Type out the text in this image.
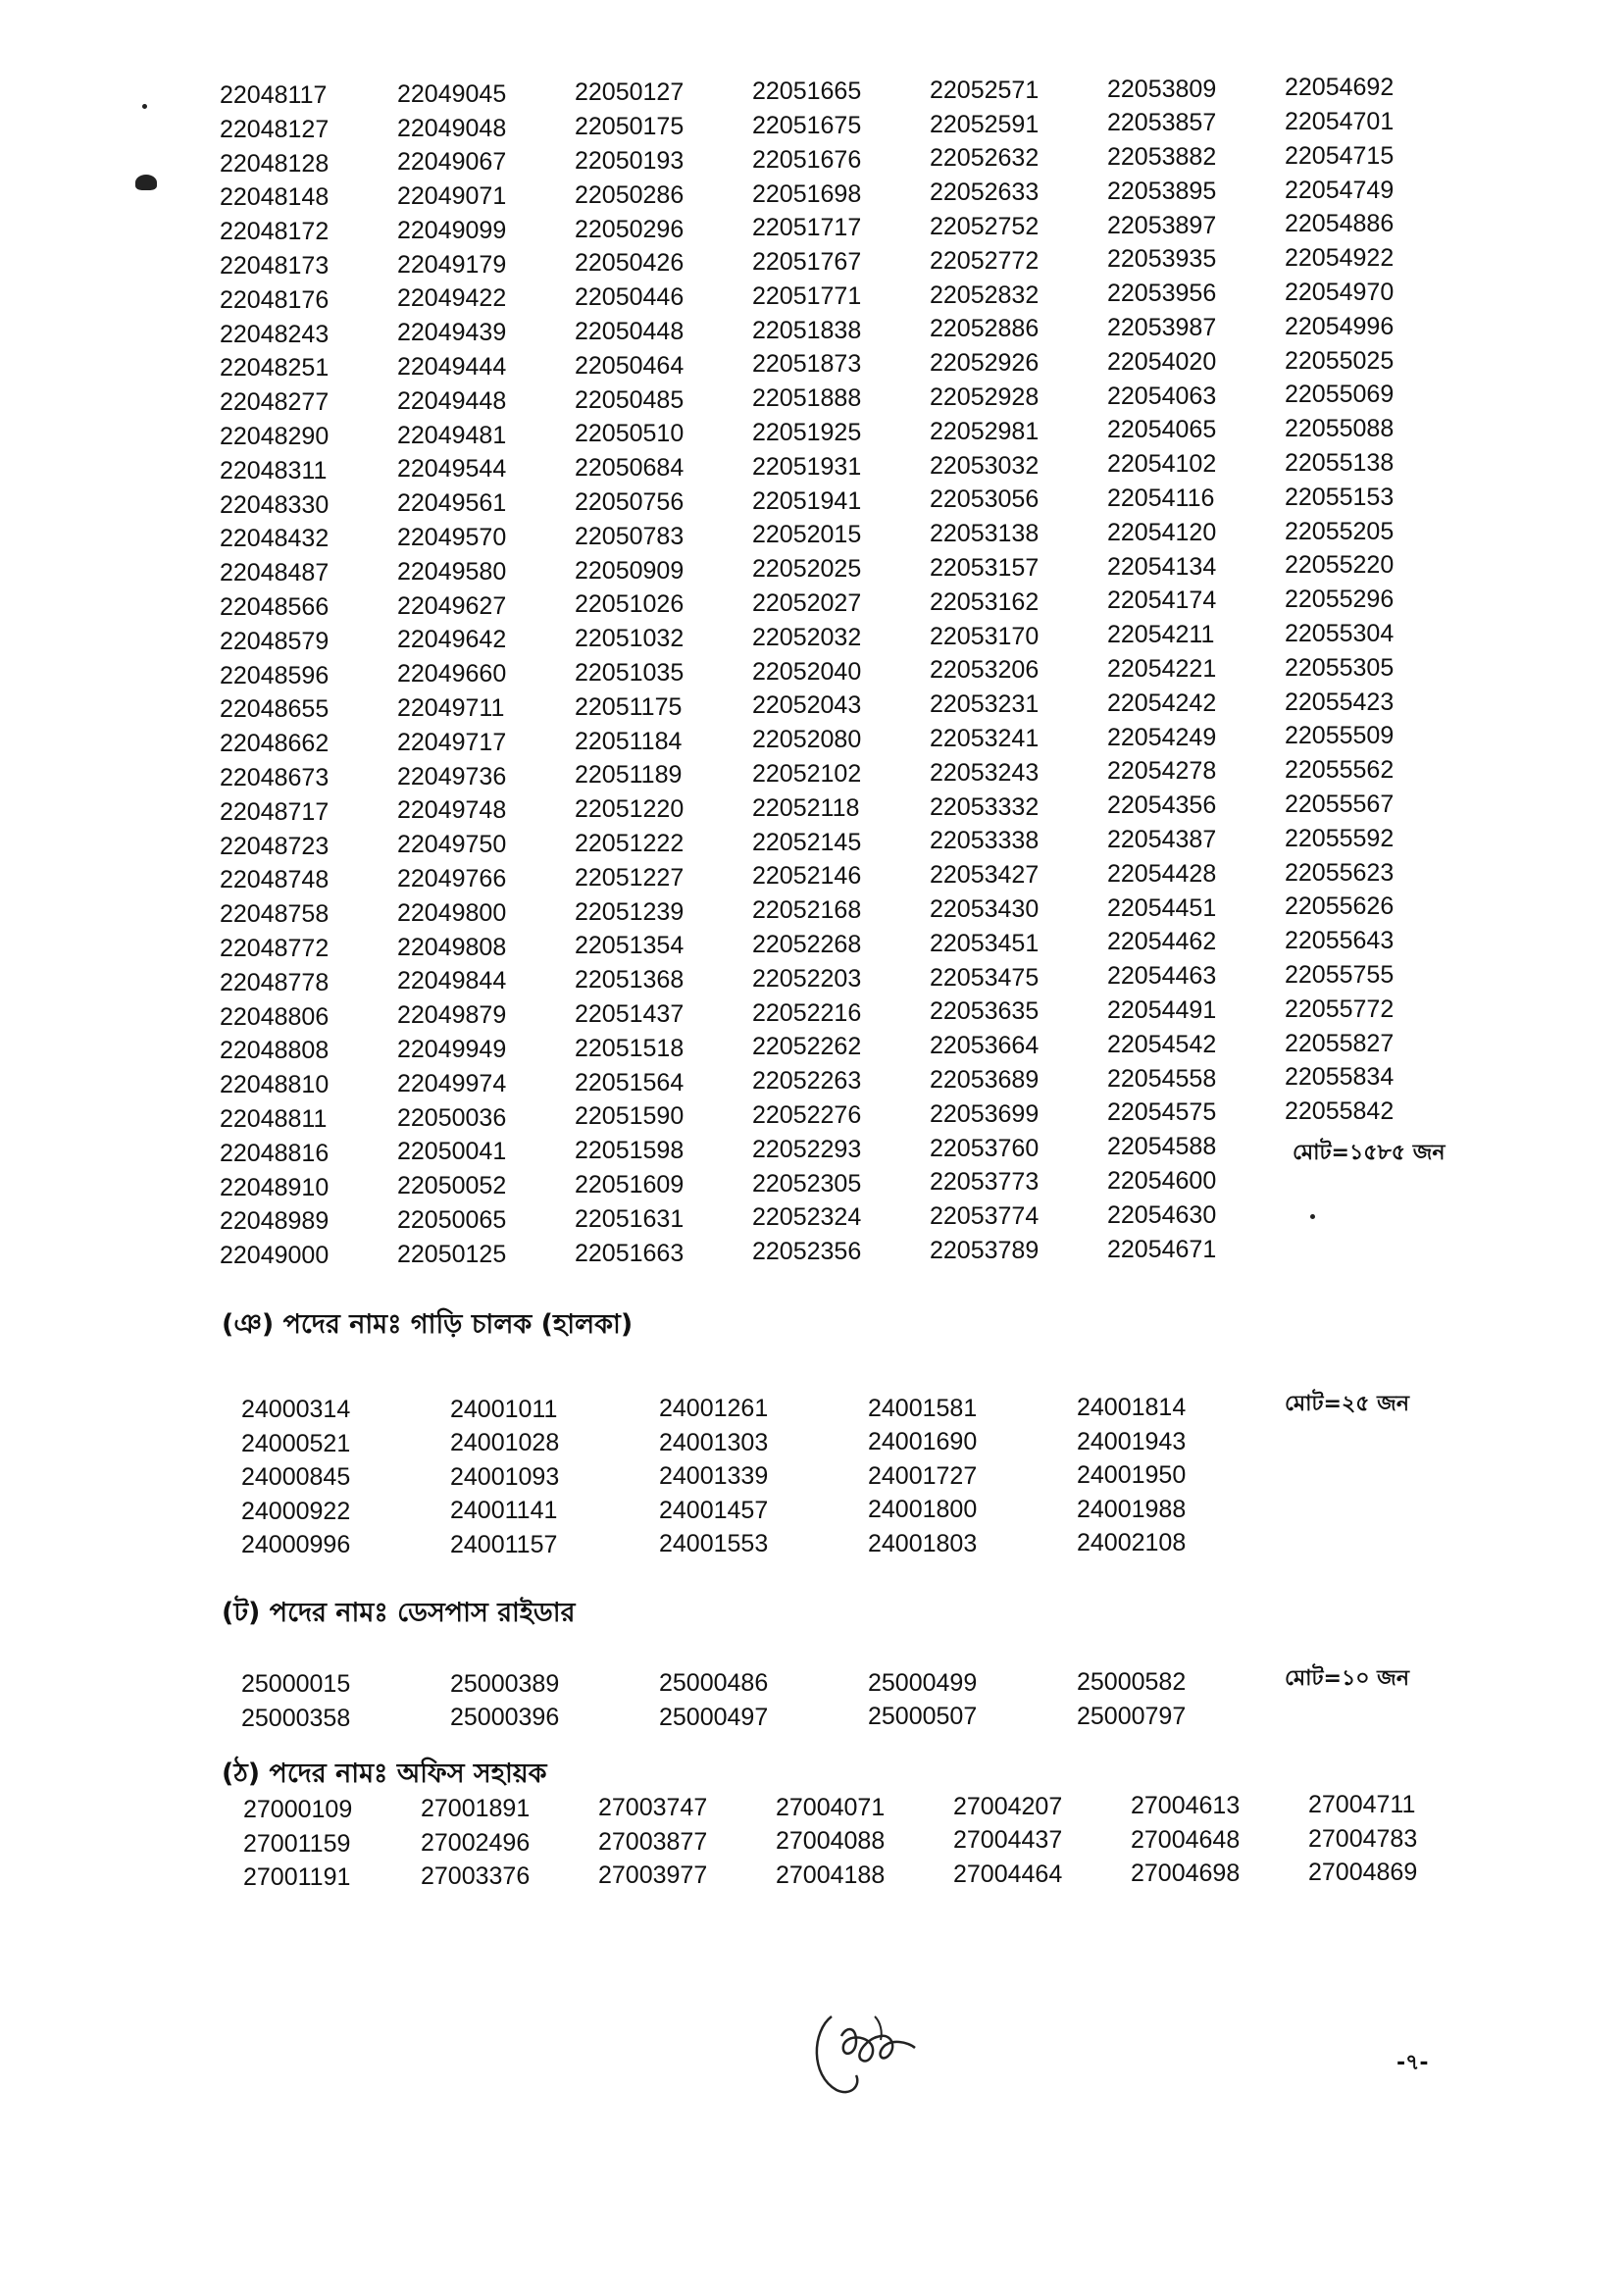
22048117
22048127
22048128
22048148
22048172
22048173
22048176
22048243
22048251
22048277
22048290
22048311
22048330
22048432
22048487
22048566
22048579
22048596
22048655
22048662
22048673
22048717
22048723
22048748
22048758
22048772
22048778
22048806
22048808
22048810
22048811
22048816
22048910
22048989
22049000
22049045
22049048
22049067
22049071
22049099
22049179
22049422
22049439
22049444
22049448
22049481
22049544
22049561
22049570
22049580
22049627
22049642
22049660
22049711
22049717
22049736
22049748
22049750
22049766
22049800
22049808
22049844
22049879
22049949
22049974
22050036
22050041
22050052
22050065
22050125
22050127
22050175
22050193
22050286
22050296
22050426
22050446
22050448
22050464
22050485
22050510
22050684
22050756
22050783
22050909
22051026
22051032
22051035
22051175
22051184
22051189
22051220
22051222
22051227
22051239
22051354
22051368
22051437
22051518
22051564
22051590
22051598
22051609
22051631
22051663
22051665
22051675
22051676
22051698
22051717
22051767
22051771
22051838
22051873
22051888
22051925
22051931
22051941
22052015
22052025
22052027
22052032
22052040
22052043
22052080
22052102
22052118
22052145
22052146
22052168
22052268
22052203
22052216
22052262
22052263
22052276
22052293
22052305
22052324
22052356
22052571
22052591
22052632
22052633
22052752
22052772
22052832
22052886
22052926
22052928
22052981
22053032
22053056
22053138
22053157
22053162
22053170
22053206
22053231
22053241
22053243
22053332
22053338
22053427
22053430
22053451
22053475
22053635
22053664
22053689
22053699
22053760
22053773
22053774
22053789
22053809
22053857
22053882
22053895
22053897
22053935
22053956
22053987
22054020
22054063
22054065
22054102
22054116
22054120
22054134
22054174
22054211
22054221
22054242
22054249
22054278
22054356
22054387
22054428
22054451
22054462
22054463
22054491
22054542
22054558
22054575
22054588
22054600
22054630
22054671
22054692
22054701
22054715
22054749
22054886
22054922
22054970
22054996
22055025
22055069
22055088
22055138
22055153
22055205
22055220
22055296
22055304
22055305
22055423
22055509
22055562
22055567
22055592
22055623
22055626
22055643
22055755
22055772
22055827
22055834
22055842
মোট=১৫৮৫ জন
(ঞ) পদের নামঃ গাড়ি চালক (হালকা)
24000314
24000521
24000845
24000922
24000996
24001011
24001028
24001093
24001141
24001157
24001261
24001303
24001339
24001457
24001553
24001581
24001690
24001727
24001800
24001803
24001814
24001943
24001950
24001988
24002108
মোট=২৫ জন
(ট) পদের নামঃ ডেসপাস রাইডার
25000015
25000358
25000389
25000396
25000486
25000497
25000499
25000507
25000582
25000797
মোট=১০ জন
(ঠ) পদের নামঃ অফিস সহায়ক
27000109
27001159
27001191
27001891
27002496
27003376
27003747
27003877
27003977
27004071
27004088
27004188
27004207
27004437
27004464
27004613
27004648
27004698
27004711
27004783
27004869
-৭-
